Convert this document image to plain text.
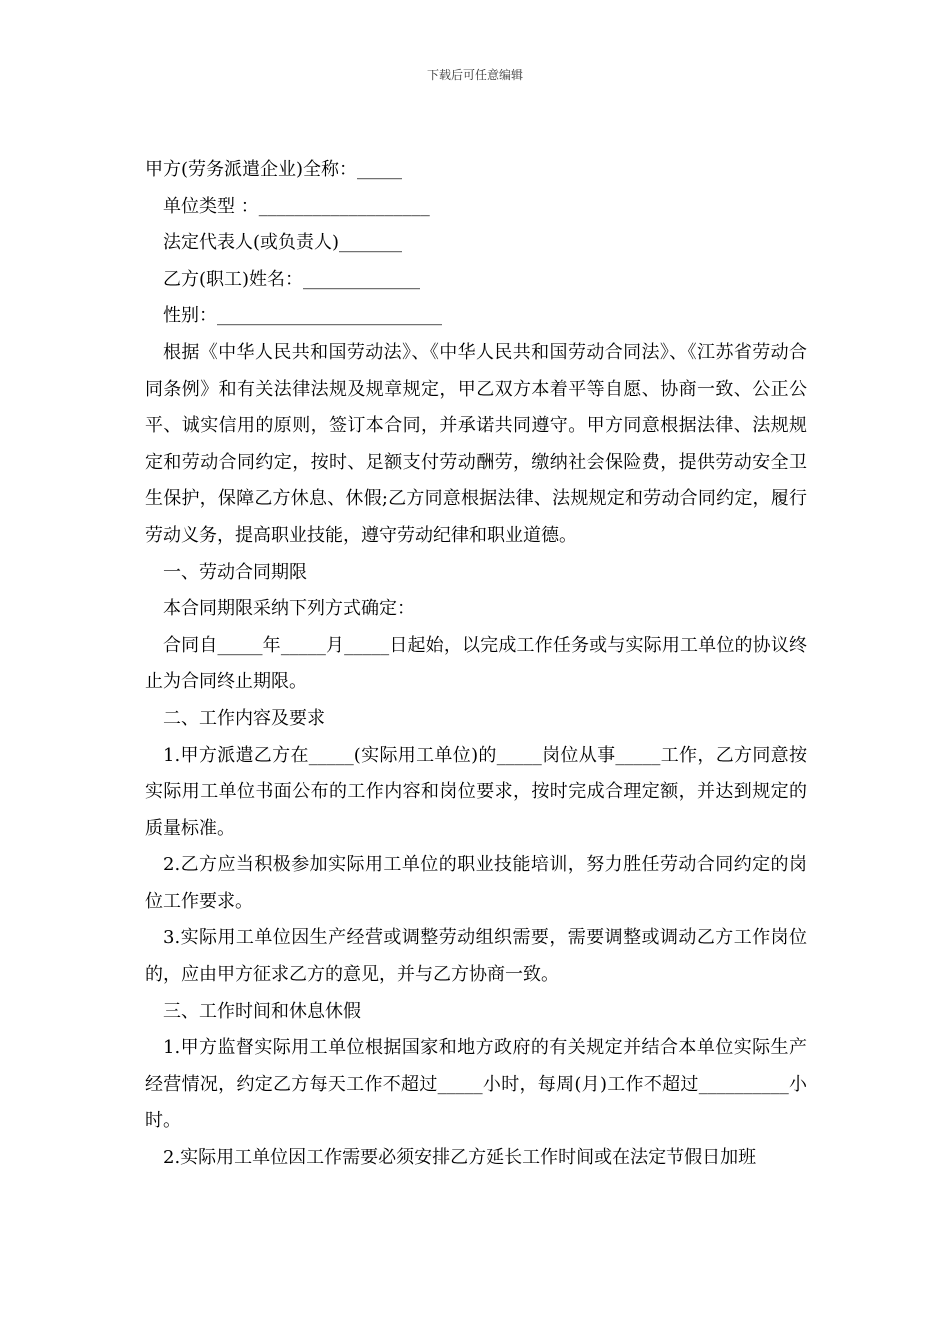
下载后可任意编辑
甲方(劳务派遣企业)全称：_____
单位类型 ：___________________
法定代表人(或负责人)_______
乙方(职工)姓名：_____________
性别：_________________________
根据《中华人民共和国劳动法》、《中华人民共和国劳动合同法》、《江苏省劳动合同条例》和有关法律法规及规章规定，甲乙双方本着平等自愿、协商一致、公正公平、诚实信用的原则，签订本合同，并承诺共同遵守。甲方同意根据法律、法规规定和劳动合同约定，按时、足额支付劳动酬劳，缴纳社会保险费，提供劳动安全卫生保护，保障乙方休息、休假;乙方同意根据法律、法规规定和劳动合同约定，履行劳动义务，提高职业技能，遵守劳动纪律和职业道德。
一、劳动合同期限
本合同期限采纳下列方式确定：
合同自_____年_____月_____日起始，以完成工作任务或与实际用工单位的协议终止为合同终止期限。
二、工作内容及要求
1.甲方派遣乙方在_____(实际用工单位)的_____岗位从事_____工作，乙方同意按实际用工单位书面公布的工作内容和岗位要求，按时完成合理定额，并达到规定的质量标准。
2.乙方应当积极参加实际用工单位的职业技能培训，努力胜任劳动合同约定的岗位工作要求。
3.实际用工单位因生产经营或调整劳动组织需要，需要调整或调动乙方工作岗位的，应由甲方征求乙方的意见，并与乙方协商一致。
三、工作时间和休息休假
1.甲方监督实际用工单位根据国家和地方政府的有关规定并结合本单位实际生产经营情况，约定乙方每天工作不超过_____小时，每周(月)工作不超过__________小时。
2.实际用工单位因工作需要必须安排乙方延长工作时间或在法定节假日加班
